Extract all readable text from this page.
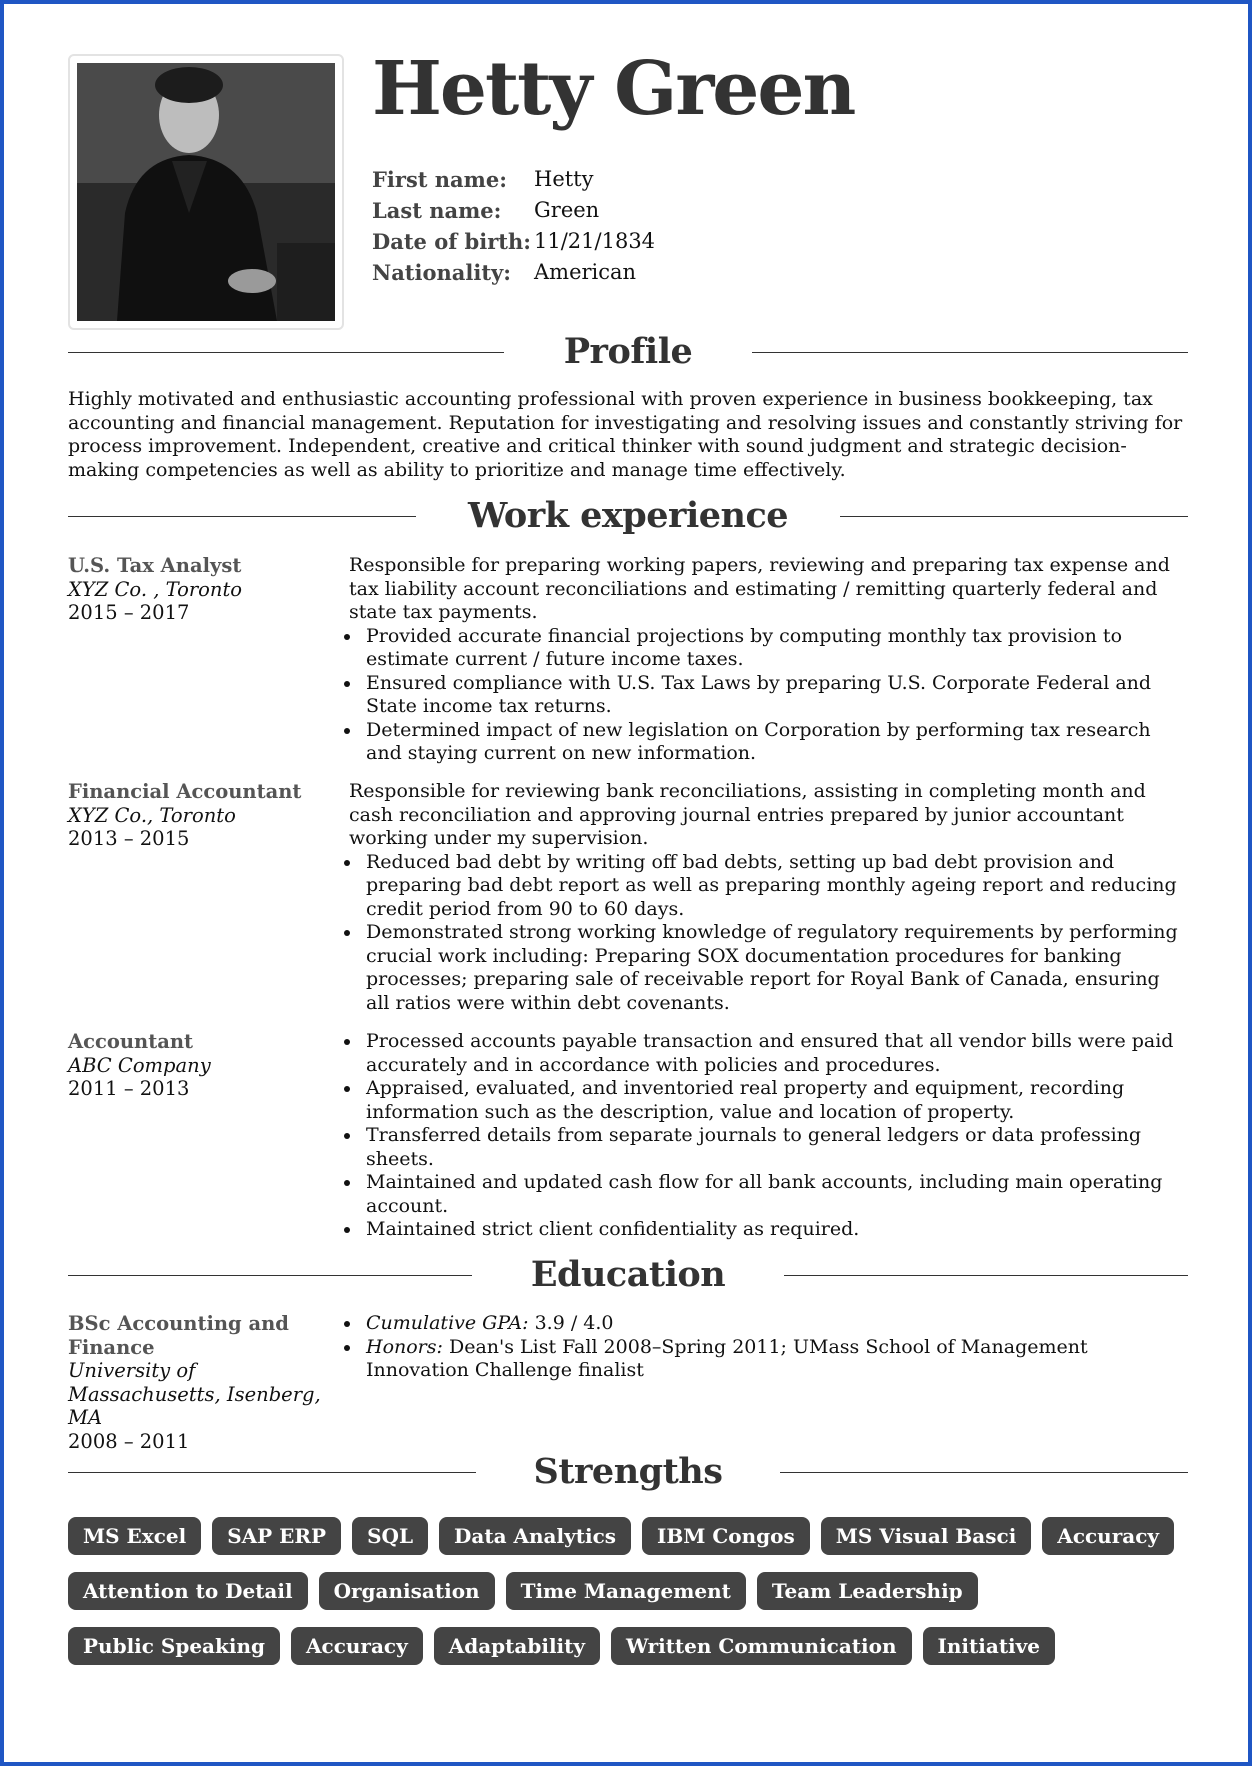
Hetty Green
First name:	Hetty
Last name:	Green
Date of birth: 11/21/1834
Nationality:	American
Profile
Highly motivated and enthusiastic accounting professional with proven experience in business bookkeeping, tax accounting and financial management. Reputation for investigating and resolving issues and constantly striving for process improvement. Independent, creative and critical thinker with sound judgment and strategic decision-making competencies as well as ability to prioritize and manage time effectively.
Work experience
U.S. Tax Analyst
XYZ Co. , Toronto
2015 – 2017

Responsible for preparing working papers, reviewing and preparing tax expense and tax liability account reconciliations and estimating / remitting quarterly federal and state tax payments.

Provided accurate financial projections by computing monthly tax provision to estimate current / future income taxes.
Ensured compliance with U.S. Tax Laws by preparing U.S. Corporate Federal and State income tax returns.
Determined impact of new legislation on Corporation by performing tax research and staying current on new information.
Financial Accountant
XYZ Co., Toronto
2013 – 2015

Responsible for reviewing bank reconciliations, assisting in completing month and cash reconciliation and approving journal entries prepared by junior accountant working under my supervision.

Reduced bad debt by writing off bad debts, setting up bad debt provision and preparing bad debt report as well as preparing monthly ageing report and reducing credit period from 90 to 60 days.
Demonstrated strong working knowledge of regulatory requirements by performing crucial work including: Preparing SOX documentation procedures for banking processes; preparing sale of receivable report for Royal Bank of Canada, ensuring all ratios were within debt covenants.
Accountant
ABC Company
2011 – 2013
Processed accounts payable transaction and ensured that all vendor bills were paid accurately and in accordance with policies and procedures.
Appraised, evaluated, and inventoried real property and equipment, recording information such as the description, value and location of property.
Transferred details from separate journals to general ledgers or data professing sheets.
Maintained and updated cash flow for all bank accounts, including main operating account.
Maintained strict client confidentiality as required.
Education
BSc Accounting and Finance
University of Massachusetts, Isenberg, MA
2008 – 2011
Cumulative GPA: 3.9 / 4.0
Honors: Dean's List Fall 2008–Spring 2011; UMass School of Management Innovation Challenge finalist
Strengths
MS Excel	SAP ERP	SQL	Data Analytics	IBM Congos	MS Visual Basci	Accuracy
Attention to Detail	Organisation	Time Management	Team Leadership
Public Speaking	Accuracy	Adaptability	Written Communication	Initiative
